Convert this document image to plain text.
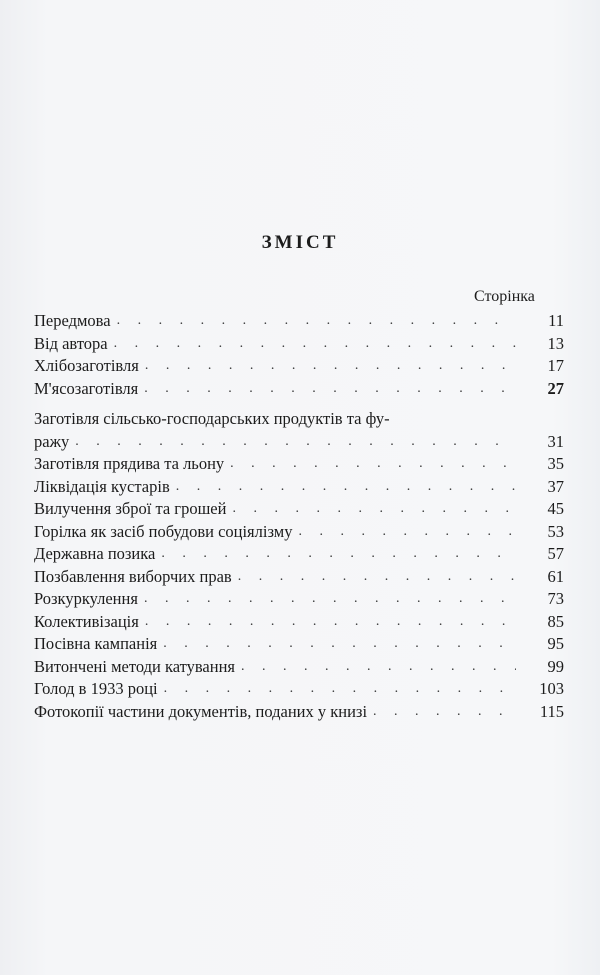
ЗМІСТ
Сторінка
Передмова . . .	11
Від автора . . .	13
Хлібозаготівля . . .	17
М'ясозаготівля . . .	27
Заготівля сільсько-господарських продуктів та фу-
ражу . . .	31
Заготівля прядива та льону . . .	35
Ліквідація кустарів . . .	37
Вилучення зброї та грошей . . .	45
Горілка як засіб побудови соціялізму . . .	53
Державна позика . . .	57
Позбавлення виборчих прав . . .	61
Розкуркулення . . .	73
Колективізація . . .	85
Посівна кампанія . . .	95
Витончені методи катування . . .	99
Голод в 1933 році . . .	103
Фотокопії частини документів, поданих у книзі . . .	115
